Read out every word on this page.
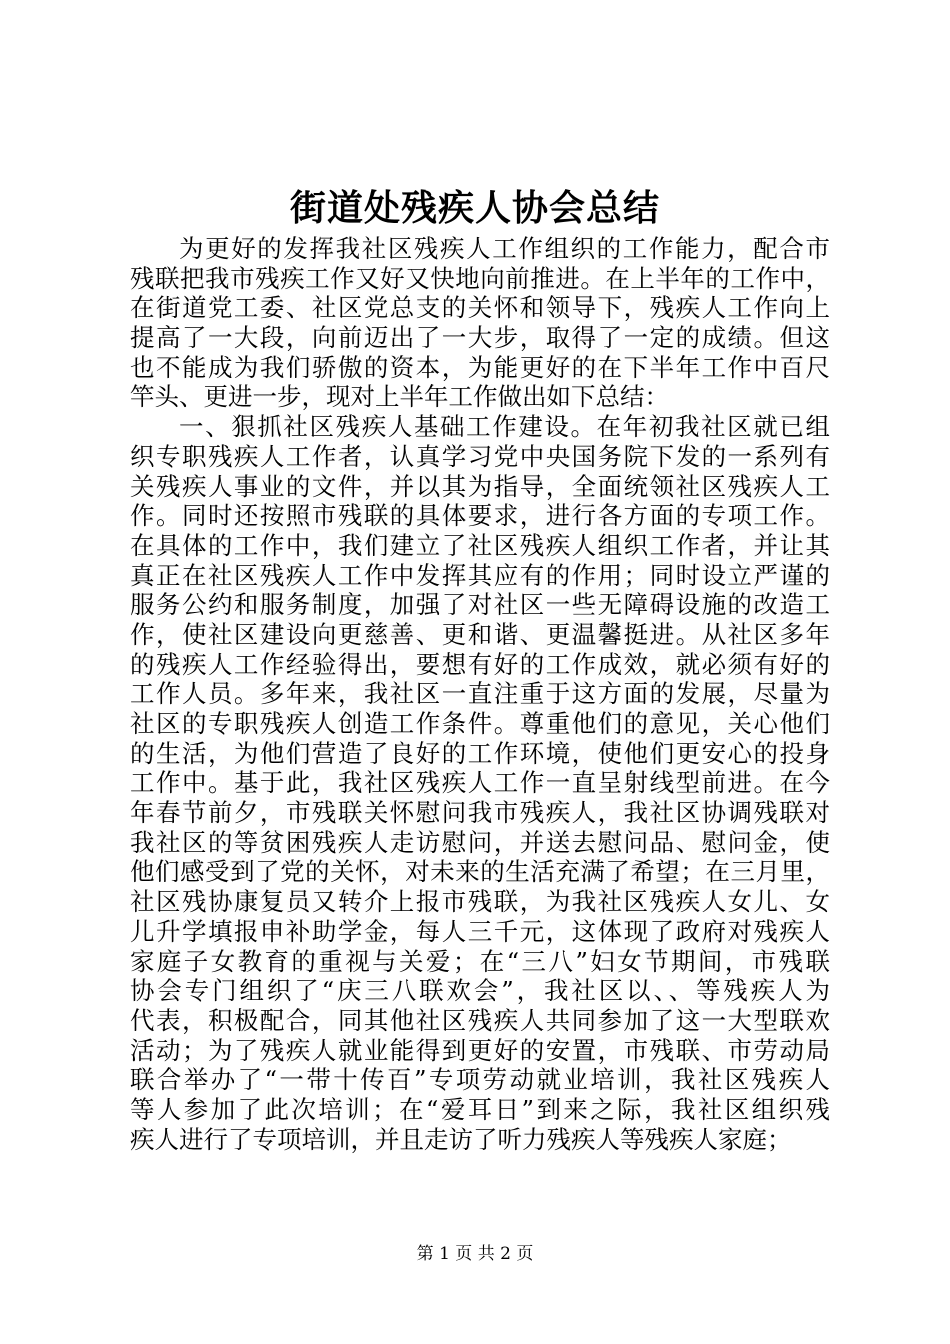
街道处残疾人协会总结
为更好的发挥我社区残疾人工作组织的工作能力，配合市
残联把我市残疾工作又好又快地向前推进。在上半年的工作中，
在街道党工委、社区党总支的关怀和领导下，残疾人工作向上
提高了一大段，向前迈出了一大步，取得了一定的成绩。但这
也不能成为我们骄傲的资本，为能更好的在下半年工作中百尺
竿头、更进一步，现对上半年工作做出如下总结：
一、狠抓社区残疾人基础工作建设。在年初我社区就已组
织专职残疾人工作者，认真学习党中央国务院下发的一系列有
关残疾人事业的文件，并以其为指导，全面统领社区残疾人工
作。同时还按照市残联的具体要求，进行各方面的专项工作。
在具体的工作中，我们建立了社区残疾人组织工作者，并让其
真正在社区残疾人工作中发挥其应有的作用；同时设立严谨的
服务公约和服务制度，加强了对社区一些无障碍设施的改造工
作，使社区建设向更慈善、更和谐、更温馨挺进。从社区多年
的残疾人工作经验得出，要想有好的工作成效，就必须有好的
工作人员。多年来，我社区一直注重于这方面的发展，尽量为
社区的专职残疾人创造工作条件。尊重他们的意见，关心他们
的生活，为他们营造了良好的工作环境，使他们更安心的投身
工作中。基于此，我社区残疾人工作一直呈射线型前进。在今
年春节前夕，市残联关怀慰问我市残疾人，我社区协调残联对
我社区的等贫困残疾人走访慰问，并送去慰问品、慰问金，使
他们感受到了党的关怀，对未来的生活充满了希望；在三月里，
社区残协康复员又转介上报市残联，为我社区残疾人女儿、女
儿升学填报申补助学金，每人三千元，这体现了政府对残疾人
家庭子女教育的重视与关爱；在“三八”妇女节期间，市残联
协会专门组织了“庆三八联欢会”，我社区以、、等残疾人为
代表，积极配合，同其他社区残疾人共同参加了这一大型联欢
活动；为了残疾人就业能得到更好的安置，市残联、市劳动局
联合举办了“一带十传百”专项劳动就业培训，我社区残疾人
等人参加了此次培训；在“爱耳日”到来之际，我社区组织残
疾人进行了专项培训，并且走访了听力残疾人等残疾人家庭；
第 1 页 共 2 页
